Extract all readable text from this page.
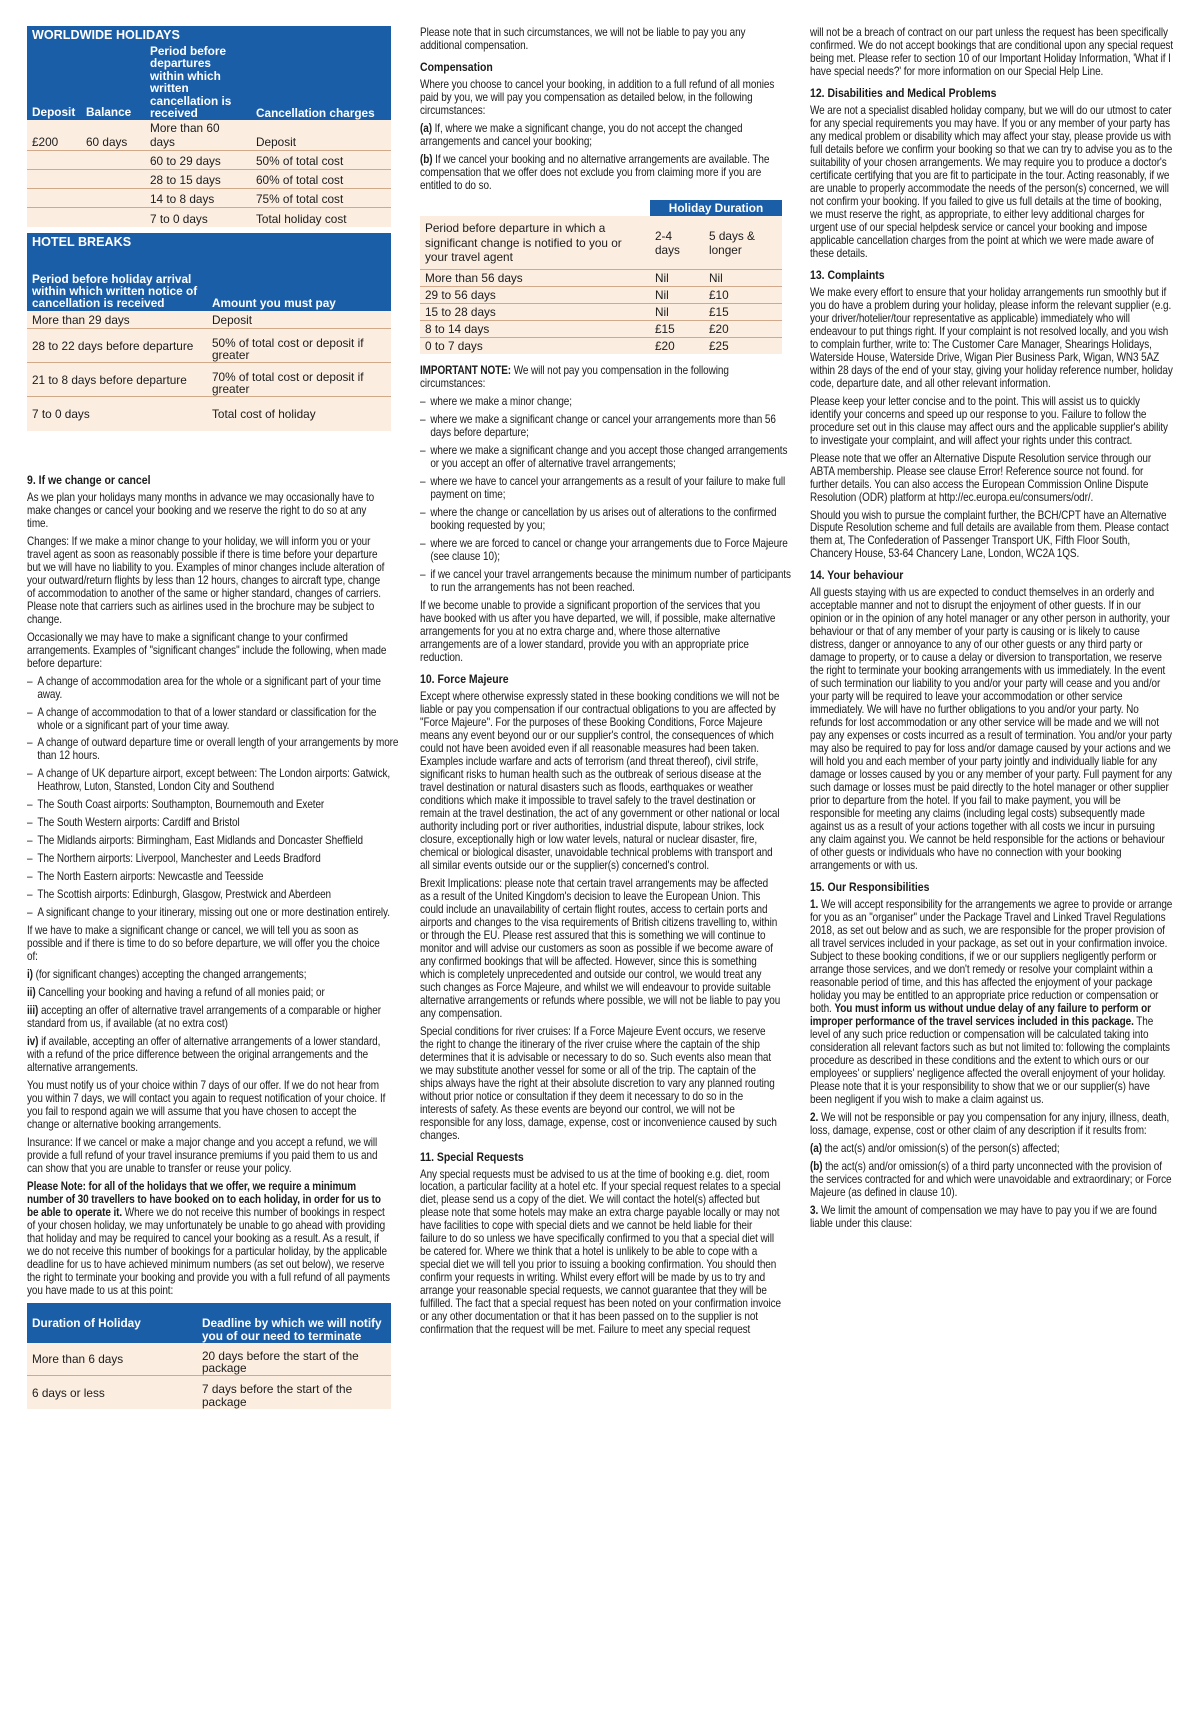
WORLDWIDE HOLIDAYS			
Deposit	Balance	Period before departures within which written cancellation is received	Cancellation charges
£200	60 days	More than 60 days	Deposit
		60 to 29 days	50% of total cost
		28 to 15 days	60% of total cost
		14 to 8 days	75% of total cost
		7 to 0 days	Total holiday cost
HOTEL BREAKS	
Period before holiday arrival within which written notice of cancellation is received	Amount you must pay
More than 29 days	Deposit
28 to 22 days before departure	50% of total cost or deposit if greater
21 to 8 days before departure	70% of total cost or deposit if greater
7 to 0 days	Total cost of holiday
9. If we change or cancel

As we plan your holidays many months in advance we may occasionally have to make changes or cancel your booking and we reserve the right to do so at any time.

Changes: If we make a minor change to your holiday, we will inform you or your travel agent as soon as reasonably possible if there is time before your departure but we will have no liability to you. Examples of minor changes include alteration of your outward/return flights by less than 12 hours, changes to aircraft type, change of accommodation to another of the same or higher standard, changes of carriers. Please note that carriers such as airlines used in the brochure may be subject to change.

Occasionally we may have to make a significant change to your confirmed arrangements. Examples of "significant changes" include the following, when made before departure:

– A change of accommodation area for the whole or a significant part of your time away.

– A change of accommodation to that of a lower standard or classification for the whole or a significant part of your time away.

– A change of outward departure time or overall length of your arrangements by more than 12 hours.

– A change of UK departure airport, except between: The London airports: Gatwick, Heathrow, Luton, Stansted, London City and Southend

– The South Coast airports: Southampton, Bournemouth and Exeter

– The South Western airports: Cardiff and Bristol

– The Midlands airports: Birmingham, East Midlands and Doncaster Sheffield

– The Northern airports: Liverpool, Manchester and Leeds Bradford

– The North Eastern airports: Newcastle and Teesside

– The Scottish airports: Edinburgh, Glasgow, Prestwick and Aberdeen

– A significant change to your itinerary, missing out one or more destination entirely.

If we have to make a significant change or cancel, we will tell you as soon as possible and if there is time to do so before departure, we will offer you the choice of:

i) (for significant changes) accepting the changed arrangements;

ii) Cancelling your booking and having a refund of all monies paid; or

iii) accepting an offer of alternative travel arrangements of a comparable or higher standard from us, if available (at no extra cost)

iv) if available, accepting an offer of alternative arrangements of a lower standard, with a refund of the price difference between the original arrangements and the alternative arrangements.

You must notify us of your choice within 7 days of our offer. If we do not hear from you within 7 days, we will contact you again to request notification of your choice. If you fail to respond again we will assume that you have chosen to accept the change or alternative booking arrangements.

Insurance: If we cancel or make a major change and you accept a refund, we will provide a full refund of your travel insurance premiums if you paid them to us and can show that you are unable to transfer or reuse your policy.

Please Note: for all of the holidays that we offer, we require a minimum number of 30 travellers to have booked on to each holiday, in order for us to be able to operate it. Where we do not receive this number of bookings in respect of your chosen holiday, we may unfortunately be unable to go ahead with providing that holiday and may be required to cancel your booking as a result. As a result, if we do not receive this number of bookings for a particular holiday, by the applicable deadline for us to have achieved minimum numbers (as set out below), we reserve the right to terminate your booking and provide you with a full refund of all payments you have made to us at this point:

Duration of Holiday	Deadline by which we will notify you of our need to terminate
More than 6 days	20 days before the start of the package
6 days or less	7 days before the start of the package

Please note that in such circumstances, we will not be liable to pay you any additional compensation.

Compensation

Where you choose to cancel your booking, in addition to a full refund of all monies paid by you, we will pay you compensation as detailed below, in the following circumstances:

(a) If, where we make a significant change, you do not accept the changed arrangements and cancel your booking;

(b) If we cancel your booking and no alternative arrangements are available. The compensation that we offer does not exclude you from claiming more if you are entitled to do so.

	Holiday Duration	
Period before departure in which a significant change is notified to you or your travel agent	2-4 days	5 days & longer
More than 56 days	Nil	Nil
29 to 56 days	Nil	£10
15 to 28 days	Nil	£15
8 to 14 days	£15	£20
0 to 7 days	£20	£25

IMPORTANT NOTE: We will not pay you compensation in the following circumstances:

– where we make a minor change;

– where we make a significant change or cancel your arrangements more than 56 days before departure;

– where we make a significant change and you accept those changed arrangements or you accept an offer of alternative travel arrangements;

– where we have to cancel your arrangements as a result of your failure to make full payment on time;

– where the change or cancellation by us arises out of alterations to the confirmed booking requested by you;

– where we are forced to cancel or change your arrangements due to Force Majeure (see clause 10);

– if we cancel your travel arrangements because the minimum number of participants to run the arrangements has not been reached.

If we become unable to provide a significant proportion of the services that you have booked with us after you have departed, we will, if possible, make alternative arrangements for you at no extra charge and, where those alternative arrangements are of a lower standard, provide you with an appropriate price reduction.

10. Force Majeure

Except where otherwise expressly stated in these booking conditions we will not be liable or pay you compensation if our contractual obligations to you are affected by "Force Majeure". For the purposes of these Booking Conditions, Force Majeure means any event beyond our or our supplier's control, the consequences of which could not have been avoided even if all reasonable measures had been taken. Examples include warfare and acts of terrorism (and threat thereof), civil strife, significant risks to human health such as the outbreak of serious disease at the travel destination or natural disasters such as floods, earthquakes or weather conditions which make it impossible to travel safely to the travel destination or remain at the travel destination, the act of any government or other national or local authority including port or river authorities, industrial dispute, labour strikes, lock closure, exceptionally high or low water levels, natural or nuclear disaster, fire, chemical or biological disaster, unavoidable technical problems with transport and all similar events outside our or the supplier(s) concerned's control.

Brexit Implications: please note that certain travel arrangements may be affected as a result of the United Kingdom's decision to leave the European Union. This could include an unavailability of certain flight routes, access to certain ports and airports and changes to the visa requirements of British citizens travelling to, within or through the EU. Please rest assured that this is something we will continue to monitor and will advise our customers as soon as possible if we become aware of any confirmed bookings that will be affected. However, since this is something which is completely unprecedented and outside our control, we would treat any such changes as Force Majeure, and whilst we will endeavour to provide suitable alternative arrangements or refunds where possible, we will not be liable to pay you any compensation.

Special conditions for river cruises: If a Force Majeure Event occurs, we reserve the right to change the itinerary of the river cruise where the captain of the ship determines that it is advisable or necessary to do so. Such events also mean that we may substitute another vessel for some or all of the trip. The captain of the ships always have the right at their absolute discretion to vary any planned routing without prior notice or consultation if they deem it necessary to do so in the interests of safety. As these events are beyond our control, we will not be responsible for any loss, damage, expense, cost or inconvenience caused by such changes.

11. Special Requests

Any special requests must be advised to us at the time of booking e.g. diet, room location, a particular facility at a hotel etc. If your special request relates to a special diet, please send us a copy of the diet. We will contact the hotel(s) affected but please note that some hotels may make an extra charge payable locally or may not have facilities to cope with special diets and we cannot be held liable for their failure to do so unless we have specifically confirmed to you that a special diet will be catered for. Where we think that a hotel is unlikely to be able to cope with a special diet we will tell you prior to issuing a booking confirmation. You should then confirm your requests in writing. Whilst every effort will be made by us to try and arrange your reasonable special requests, we cannot guarantee that they will be fulfilled. The fact that a special request has been noted on your confirmation invoice or any other documentation or that it has been passed on to the supplier is not confirmation that the request will be met. Failure to meet any special request

will not be a breach of contract on our part unless the request has been specifically confirmed. We do not accept bookings that are conditional upon any special request being met. Please refer to section 10 of our Important Holiday Information, 'What if I have special needs?' for more information on our Special Help Line.

12. Disabilities and Medical Problems

We are not a specialist disabled holiday company, but we will do our utmost to cater for any special requirements you may have. If you or any member of your party has any medical problem or disability which may affect your stay, please provide us with full details before we confirm your booking so that we can try to advise you as to the suitability of your chosen arrangements. We may require you to produce a doctor's certificate certifying that you are fit to participate in the tour. Acting reasonably, if we are unable to properly accommodate the needs of the person(s) concerned, we will not confirm your booking. If you failed to give us full details at the time of booking, we must reserve the right, as appropriate, to either levy additional charges for urgent use of our special helpdesk service or cancel your booking and impose applicable cancellation charges from the point at which we were made aware of these details.

13. Complaints

We make every effort to ensure that your holiday arrangements run smoothly but if you do have a problem during your holiday, please inform the relevant supplier (e.g. your driver/hotelier/tour representative as applicable) immediately who will endeavour to put things right. If your complaint is not resolved locally, and you wish to complain further, write to: The Customer Care Manager, Shearings Holidays, Waterside House, Waterside Drive, Wigan Pier Business Park, Wigan, WN3 5AZ within 28 days of the end of your stay, giving your holiday reference number, holiday code, departure date, and all other relevant information.

Please keep your letter concise and to the point. This will assist us to quickly identify your concerns and speed up our response to you. Failure to follow the procedure set out in this clause may affect ours and the applicable supplier's ability to investigate your complaint, and will affect your rights under this contract.

Please note that we offer an Alternative Dispute Resolution service through our ABTA membership. Please see clause Error! Reference source not found. for further details. You can also access the European Commission Online Dispute Resolution (ODR) platform at http://ec.europa.eu/consumers/odr/.

Should you wish to pursue the complaint further, the BCH/CPT have an Alternative Dispute Resolution scheme and full details are available from them. Please contact them at, The Confederation of Passenger Transport UK, Fifth Floor South, Chancery House, 53-64 Chancery Lane, London, WC2A 1QS.

14. Your behaviour

All guests staying with us are expected to conduct themselves in an orderly and acceptable manner and not to disrupt the enjoyment of other guests. If in our opinion or in the opinion of any hotel manager or any other person in authority, your behaviour or that of any member of your party is causing or is likely to cause distress, danger or annoyance to any of our other guests or any third party or damage to property, or to cause a delay or diversion to transportation, we reserve the right to terminate your booking arrangements with us immediately. In the event of such termination our liability to you and/or your party will cease and you and/or your party will be required to leave your accommodation or other service immediately. We will have no further obligations to you and/or your party. No refunds for lost accommodation or any other service will be made and we will not pay any expenses or costs incurred as a result of termination. You and/or your party may also be required to pay for loss and/or damage caused by your actions and we will hold you and each member of your party jointly and individually liable for any damage or losses caused by you or any member of your party. Full payment for any such damage or losses must be paid directly to the hotel manager or other supplier prior to departure from the hotel. If you fail to make payment, you will be responsible for meeting any claims (including legal costs) subsequently made against us as a result of your actions together with all costs we incur in pursuing any claim against you. We cannot be held responsible for the actions or behaviour of other guests or individuals who have no connection with your booking arrangements or with us.

15. Our Responsibilities

1. We will accept responsibility for the arrangements we agree to provide or arrange for you as an "organiser" under the Package Travel and Linked Travel Regulations 2018, as set out below and as such, we are responsible for the proper provision of all travel services included in your package, as set out in your confirmation invoice. Subject to these booking conditions, if we or our suppliers negligently perform or arrange those services, and we don't remedy or resolve your complaint within a reasonable period of time, and this has affected the enjoyment of your package holiday you may be entitled to an appropriate price reduction or compensation or both. You must inform us without undue delay of any failure to perform or improper performance of the travel services included in this package. The level of any such price reduction or compensation will be calculated taking into consideration all relevant factors such as but not limited to: following the complaints procedure as described in these conditions and the extent to which ours or our employees' or suppliers' negligence affected the overall enjoyment of your holiday. Please note that it is your responsibility to show that we or our supplier(s) have been negligent if you wish to make a claim against us.

2. We will not be responsible or pay you compensation for any injury, illness, death, loss, damage, expense, cost or other claim of any description if it results from:

(a) the act(s) and/or omission(s) of the person(s) affected;

(b) the act(s) and/or omission(s) of a third party unconnected with the provision of the services contracted for and which were unavoidable and extraordinary; or Force Majeure (as defined in clause 10).

3. We limit the amount of compensation we may have to pay you if we are found liable under this clause:
